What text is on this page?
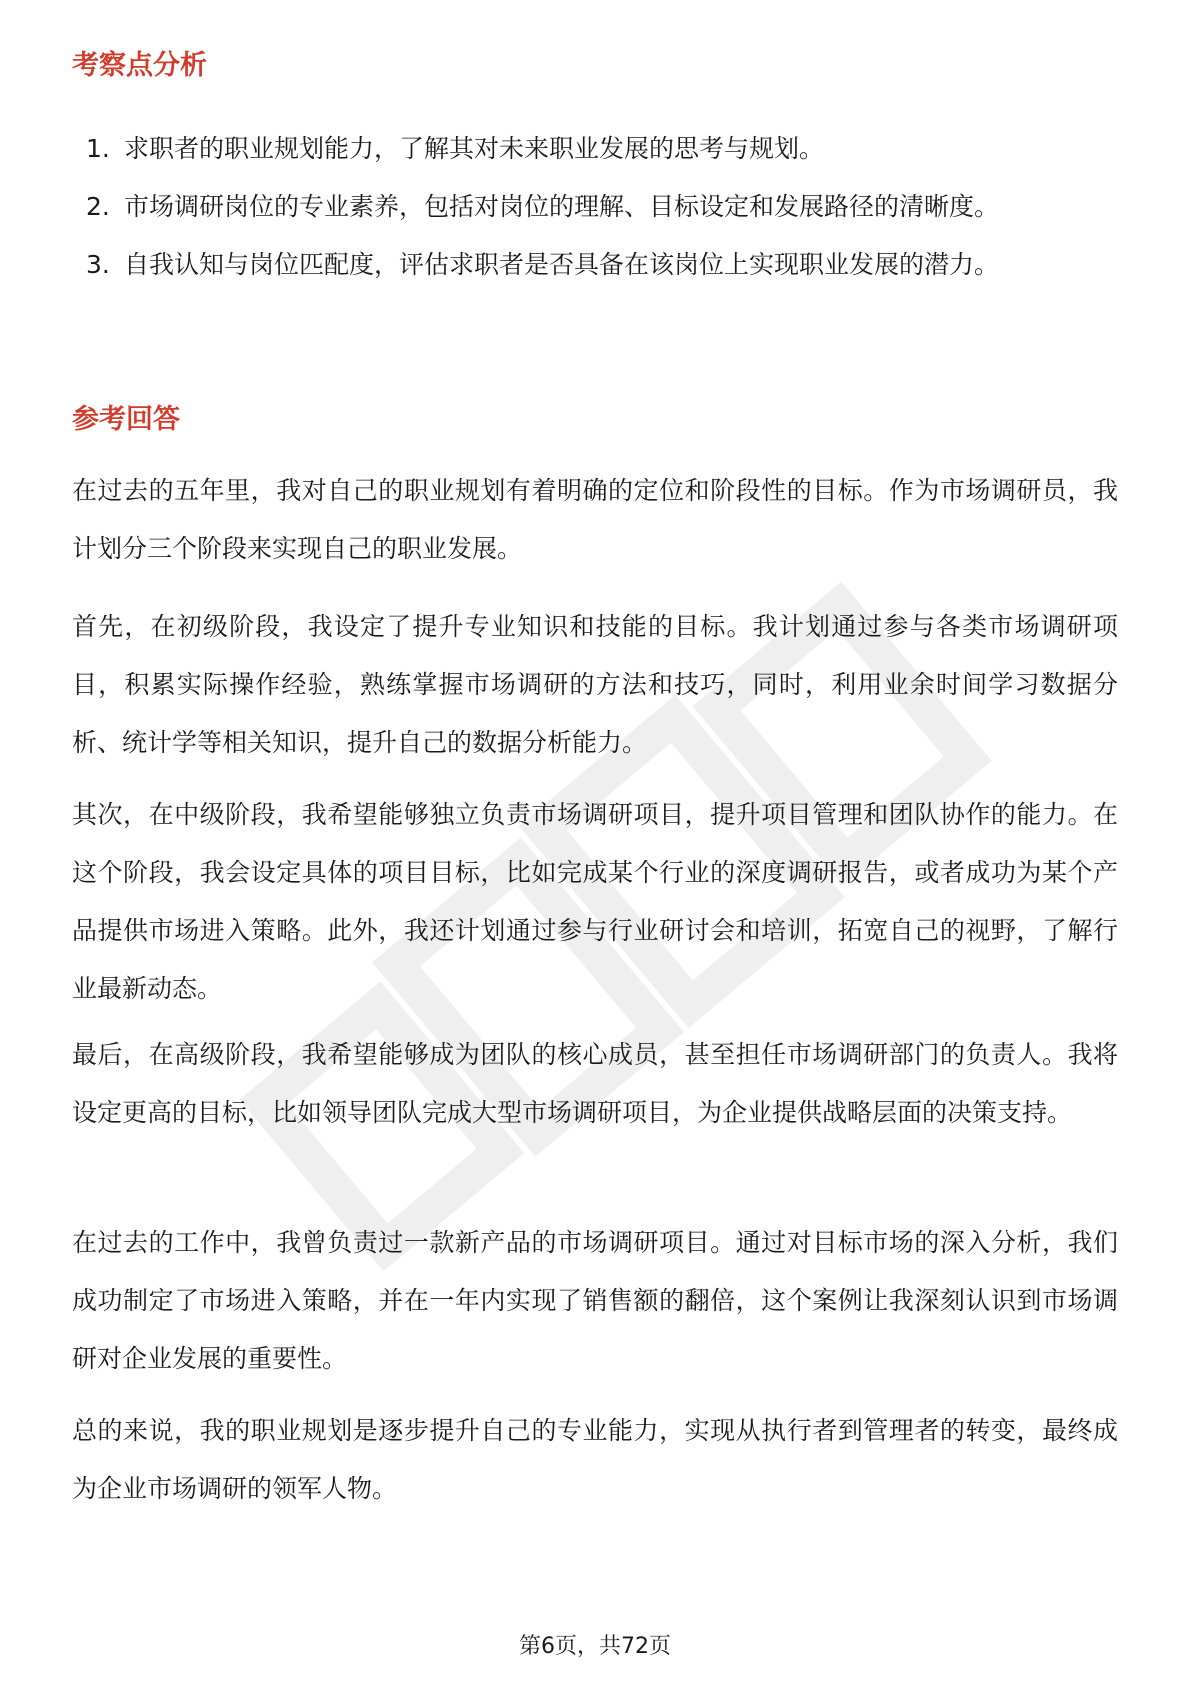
考察点分析
1. 求职者的职业规划能力，了解其对未来职业发展的思考与规划。
2. 市场调研岗位的专业素养，包括对岗位的理解、目标设定和发展路径的清晰度。
3. 自我认知与岗位匹配度，评估求职者是否具备在该岗位上实现职业发展的潜力。
参考回答

在过去的五年里，我对自己的职业规划有着明确的定位和阶段性的目标。作为市场调研员，我计划分三个阶段来实现自己的职业发展。

首先，在初级阶段，我设定了提升专业知识和技能的目标。我计划通过参与各类市场调研项目，积累实际操作经验，熟练掌握市场调研的方法和技巧，同时，利用业余时间学习数据分析、统计学等相关知识，提升自己的数据分析能力。

其次，在中级阶段，我希望能够独立负责市场调研项目，提升项目管理和团队协作的能力。在这个阶段，我会设定具体的项目目标，比如完成某个行业的深度调研报告，或者成功为某个产品提供市场进入策略。此外，我还计划通过参与行业研讨会和培训，拓宽自己的视野，了解行业最新动态。

最后，在高级阶段，我希望能够成为团队的核心成员，甚至担任市场调研部门的负责人。我将设定更高的目标，比如领导团队完成大型市场调研项目，为企业提供战略层面的决策支持。

在过去的工作中，我曾负责过一款新产品的市场调研项目。通过对目标市场的深入分析，我们成功制定了市场进入策略，并在一年内实现了销售额的翻倍，这个案例让我深刻认识到市场调研对企业发展的重要性。

总的来说，我的职业规划是逐步提升自己的专业能力，实现从执行者到管理者的转变，最终成为企业市场调研的领军人物。

第6页，共72页
